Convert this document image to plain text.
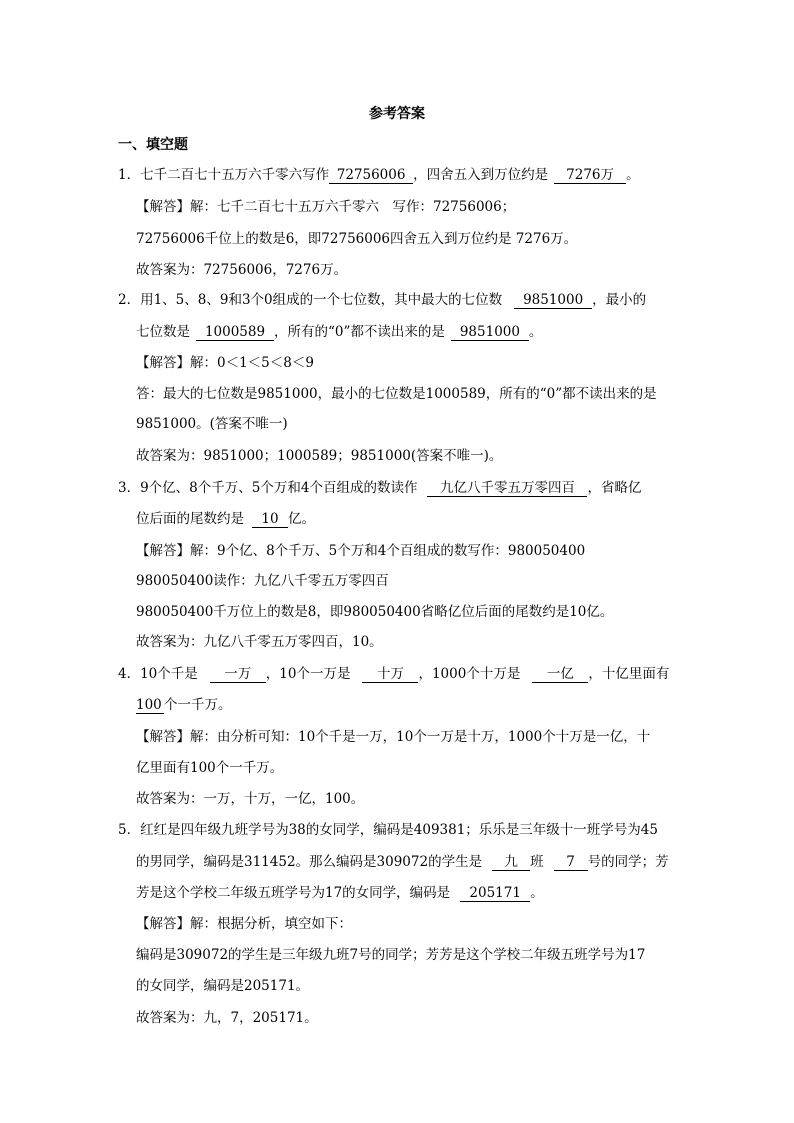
参考答案
一、填空题
1．七千二百七十五万六千零六写作 72756006 ，四舍五入到万位约是 7276万 。
【解答】解：七千二百七十五万六千零六　写作：72756006；
72756006千位上的数是6，即72756006四舍五入到万位约是 7276万。
故答案为：72756006，7276万。
2．用1、5、8、9和3个0组成的一个七位数，其中最大的七位数 9851000 ，最小的
七位数是 1000589 ，所有的“0”都不读出来的是 9851000 。
【解答】解：0＜1＜5＜8＜9
答：最大的七位数是9851000，最小的七位数是1000589，所有的“0”都不读出来的是
9851000。(答案不唯一)
故答案为：9851000；1000589；9851000(答案不唯一)。
3．9个亿、8个千万、5个万和4个百组成的数读作 九亿八千零五万零四百 ，省略亿
位后面的尾数约是 10 亿。
【解答】解：9个亿、8个千万、5个万和4个百组成的数写作：980050400
980050400读作：九亿八千零五万零四百
980050400千万位上的数是8，即980050400省略亿位后面的尾数约是10亿。
故答案为：九亿八千零五万零四百，10。
4．10个千是 一万 ，10个一万是 十万 ，1000个十万是 一亿 ，十亿里面有
100 个一千万。
【解答】解：由分析可知：10个千是一万，10个一万是十万，1000个十万是一亿，十
亿里面有100个一千万。
故答案为：一万，十万，一亿，100。
5．红红是四年级九班学号为38的女同学，编码是409381；乐乐是三年级十一班学号为45
的男同学，编码是311452。那么编码是309072的学生是 九 班 7 号的同学；芳
芳是这个学校二年级五班学号为17的女同学，编码是 205171 。
【解答】解：根据分析，填空如下：
编码是309072的学生是三年级九班7号的同学；芳芳是这个学校二年级五班学号为17
的女同学，编码是205171。
故答案为：九，7，205171。
